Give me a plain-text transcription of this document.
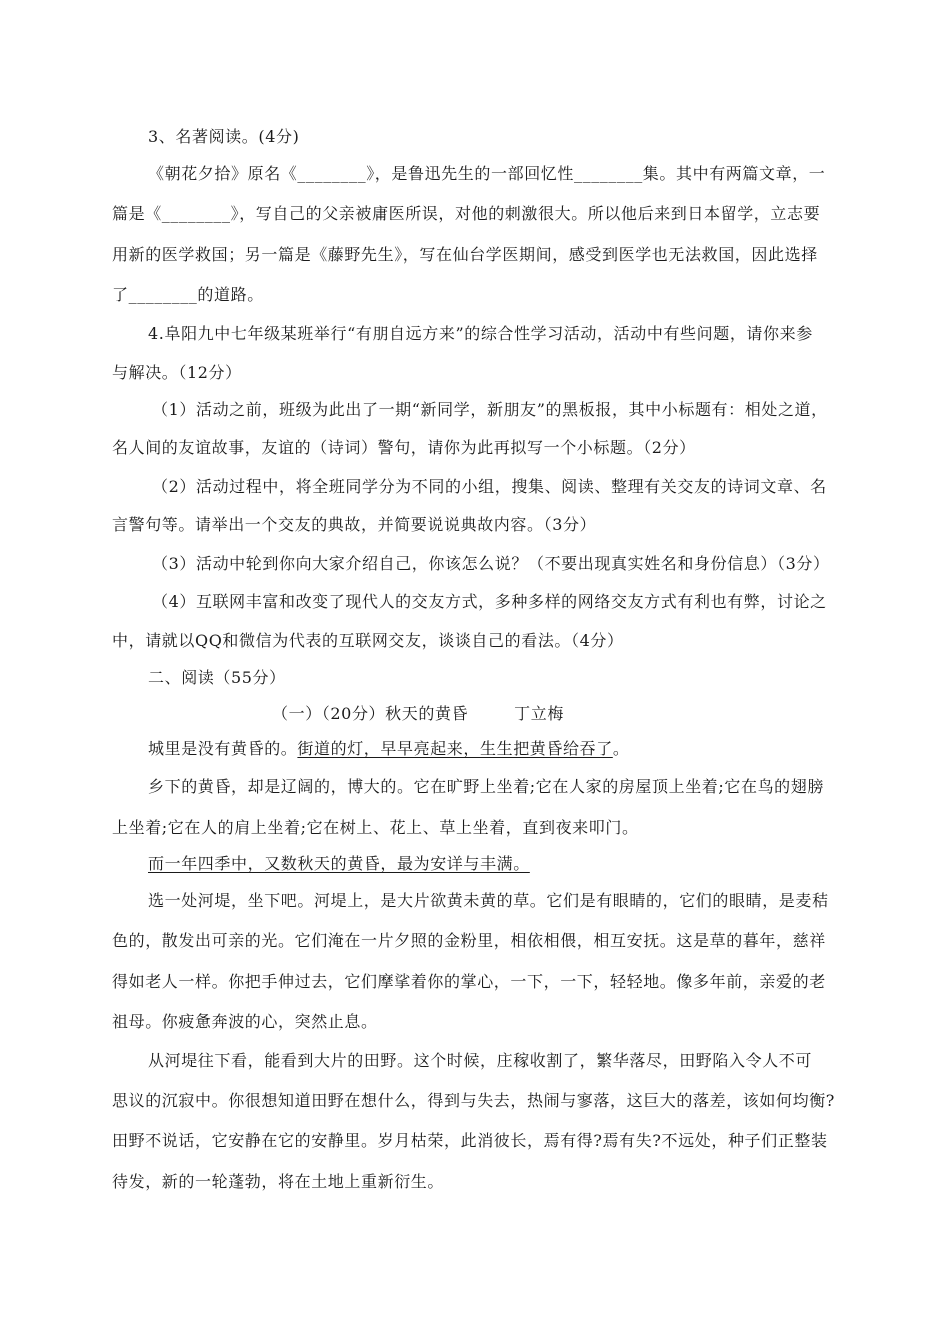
3、名著阅读。(4分)
《朝花夕拾》原名《________》，是鲁迅先生的一部回忆性________集。其中有两篇文章，一
篇是《________》，写自己的父亲被庸医所误，对他的刺激很大。所以他后来到日本留学，立志要
用新的医学救国；另一篇是《藤野先生》，写在仙台学医期间，感受到医学也无法救国，因此选择
了________的道路。
4.阜阳九中七年级某班举行“有朋自远方来”的综合性学习活动，活动中有些问题，请你来参
与解决。（12分）
（1）活动之前，班级为此出了一期“新同学，新朋友”的黑板报，其中小标题有：相处之道，
名人间的友谊故事，友谊的（诗词）警句，请你为此再拟写一个小标题。（2分）
（2）活动过程中，将全班同学分为不同的小组，搜集、阅读、整理有关交友的诗词文章、名
言警句等。请举出一个交友的典故，并简要说说典故内容。（3分）
（3）活动中轮到你向大家介绍自己，你该怎么说？（不要出现真实姓名和身份信息）（3分）
（4）互联网丰富和改变了现代人的交友方式，多种多样的网络交友方式有利也有弊，讨论之
中，请就以QQ和微信为代表的互联网交友，谈谈自己的看法。（4分）
二、阅读（55分）
（一）（20分）秋天的黄昏	丁立梅
城里是没有黄昏的。街道的灯，早早亮起来，生生把黄昏给吞了。
乡下的黄昏，却是辽阔的，博大的。它在旷野上坐着;它在人家的房屋顶上坐着;它在鸟的翅膀
上坐着;它在人的肩上坐着;它在树上、花上、草上坐着，直到夜来叩门。
而一年四季中，又数秋天的黄昏，最为安详与丰满。
选一处河堤，坐下吧。河堤上，是大片欲黄未黄的草。它们是有眼睛的，它们的眼睛，是麦秸
色的，散发出可亲的光。它们淹在一片夕照的金粉里，相依相偎，相互安抚。这是草的暮年，慈祥
得如老人一样。你把手伸过去，它们摩挲着你的掌心，一下，一下，轻轻地。像多年前，亲爱的老
祖母。你疲惫奔波的心，突然止息。
从河堤往下看，能看到大片的田野。这个时候，庄稼收割了，繁华落尽，田野陷入令人不可
思议的沉寂中。你很想知道田野在想什么，得到与失去，热闹与寥落，这巨大的落差，该如何均衡?
田野不说话，它安静在它的安静里。岁月枯荣，此消彼长，焉有得?焉有失?不远处，种子们正整装
待发，新的一轮蓬勃，将在土地上重新衍生。
